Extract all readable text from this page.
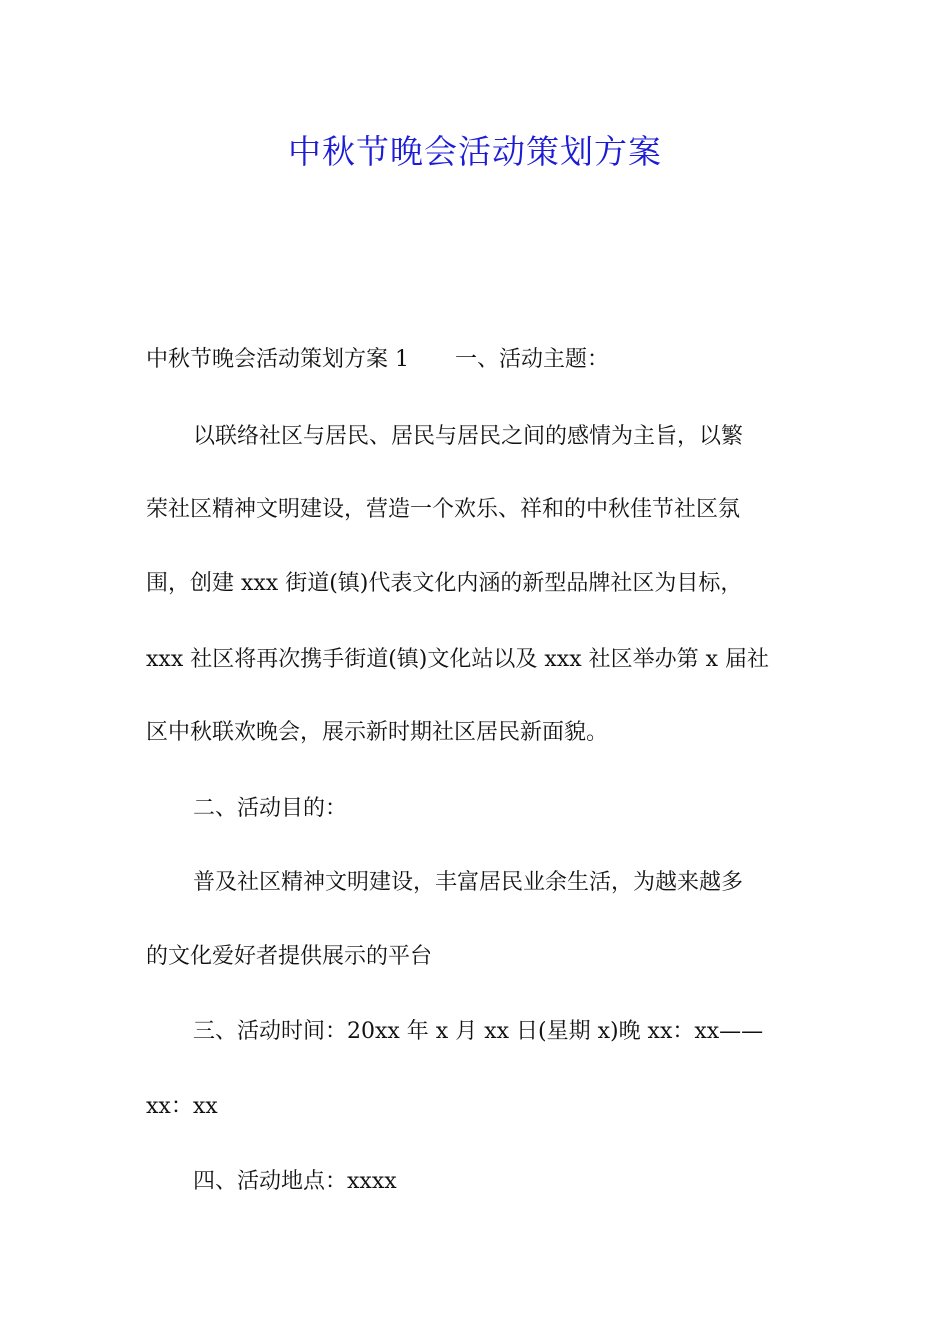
中秋节晚会活动策划方案
中秋节晚会活动策划方案 1 一、活动主题：
以联络社区与居民、居民与居民之间的感情为主旨，以繁
荣社区精神文明建设，营造一个欢乐、祥和的中秋佳节社区氛
围，创建 xxx 街道(镇)代表文化内涵的新型品牌社区为目标，
xxx 社区将再次携手街道(镇)文化站以及 xxx 社区举办第 x 届社
区中秋联欢晚会，展示新时期社区居民新面貌。
二、活动目的：
普及社区精神文明建设，丰富居民业余生活，为越来越多
的文化爱好者提供展示的平台
三、活动时间：20xx 年 x 月 xx 日(星期 x)晚 xx：xx——
xx：xx
四、活动地点：xxxx
